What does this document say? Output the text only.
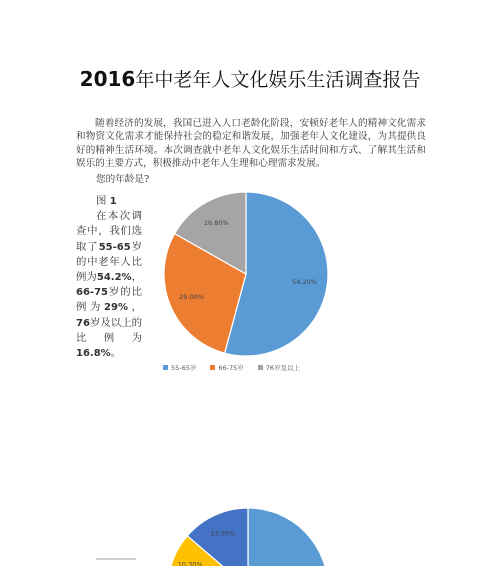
2016年中老年人文化娱乐生活调查报告
随着经济的发展，我国已进入人口老龄化阶段，安顿好老年人的精神文化需求和物资文化需求才能保持社会的稳定和谐发展，加强老年人文化建设，为其提供良好的精神生活环境。本次调查就中老年人文化娱乐生活时间和方式、了解其生活和娱乐的主要方式，积极推动中老年人生理和心理需求发展。
您的年龄是?
图 1
在本次调查中，我们选取了55-65岁的中老年人比例为54.2%，66-75岁的比例为29%，76岁及以上的比例为16.8%。
54.20%
29.00%
16.80%
55-65岁	66-75岁	76岁及以上
13.70%
10.30%
